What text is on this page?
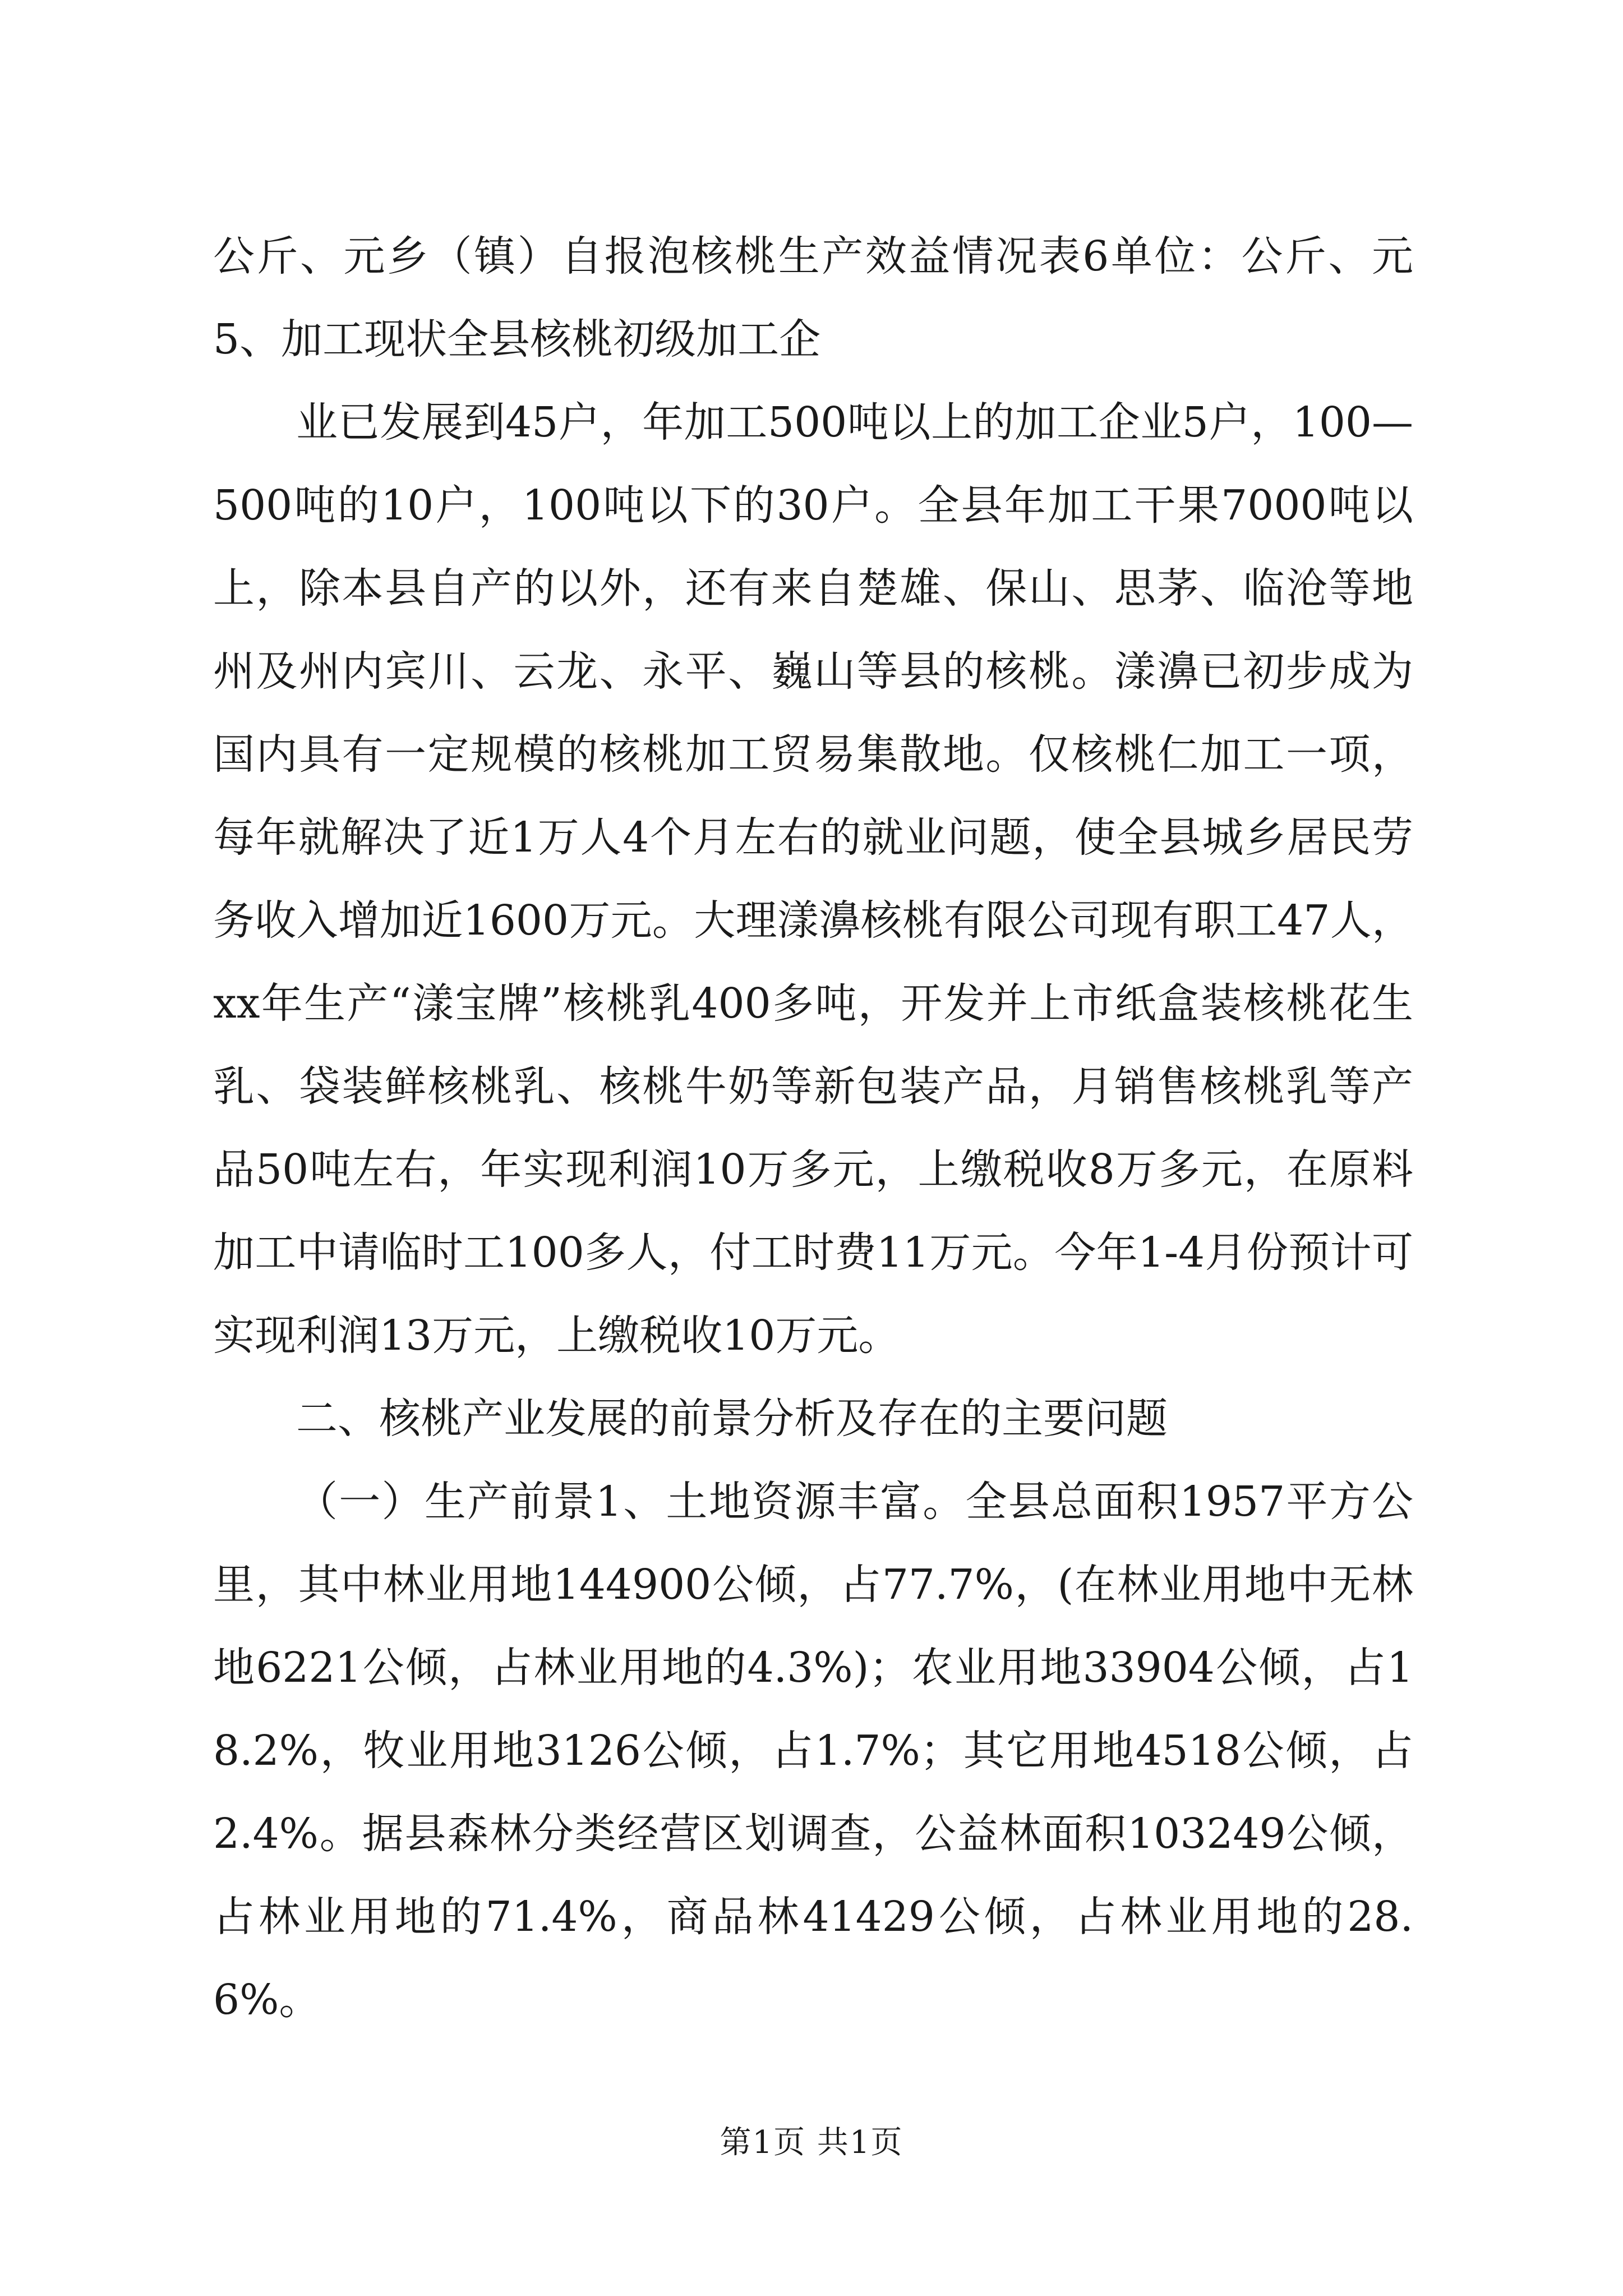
公斤、元乡（镇）自报泡核桃生产效益情况表6单位：公斤、元5、加工现状全县核桃初级加工企

业已发展到45户，年加工500吨以上的加工企业5户，100—500吨的10户，100吨以下的30户。全县年加工干果7000吨以上，除本县自产的以外，还有来自楚雄、保山、思茅、临沧等地州及州内宾川、云龙、永平、巍山等县的核桃。漾濞已初步成为国内具有一定规模的核桃加工贸易集散地。仅核桃仁加工一项，每年就解决了近1万人4个月左右的就业问题，使全县城乡居民劳务收入增加近1600万元。大理漾濞核桃有限公司现有职工47人，xx年生产“漾宝牌”核桃乳400多吨，开发并上市纸盒装核桃花生乳、袋装鲜核桃乳、核桃牛奶等新包装产品，月销售核桃乳等产品50吨左右，年实现利润10万多元，上缴税收8万多元，在原料加工中请临时工100多人，付工时费11万元。今年1-4月份预计可实现利润13万元，上缴税收10万元。

二、核桃产业发展的前景分析及存在的主要问题

（一）生产前景1、土地资源丰富。全县总面积1957平方公里，其中林业用地144900公倾，占77.7%，(在林业用地中无林地6221公倾，占林业用地的4.3%)；农业用地33904公倾，占18.2%，牧业用地3126公倾，占1.7%；其它用地4518公倾，占2.4%。据县森林分类经营区划调查，公益林面积103249公倾，占林业用地的71.4%，商品林41429公倾，占林业用地的28.6%。

第1页 共1页
